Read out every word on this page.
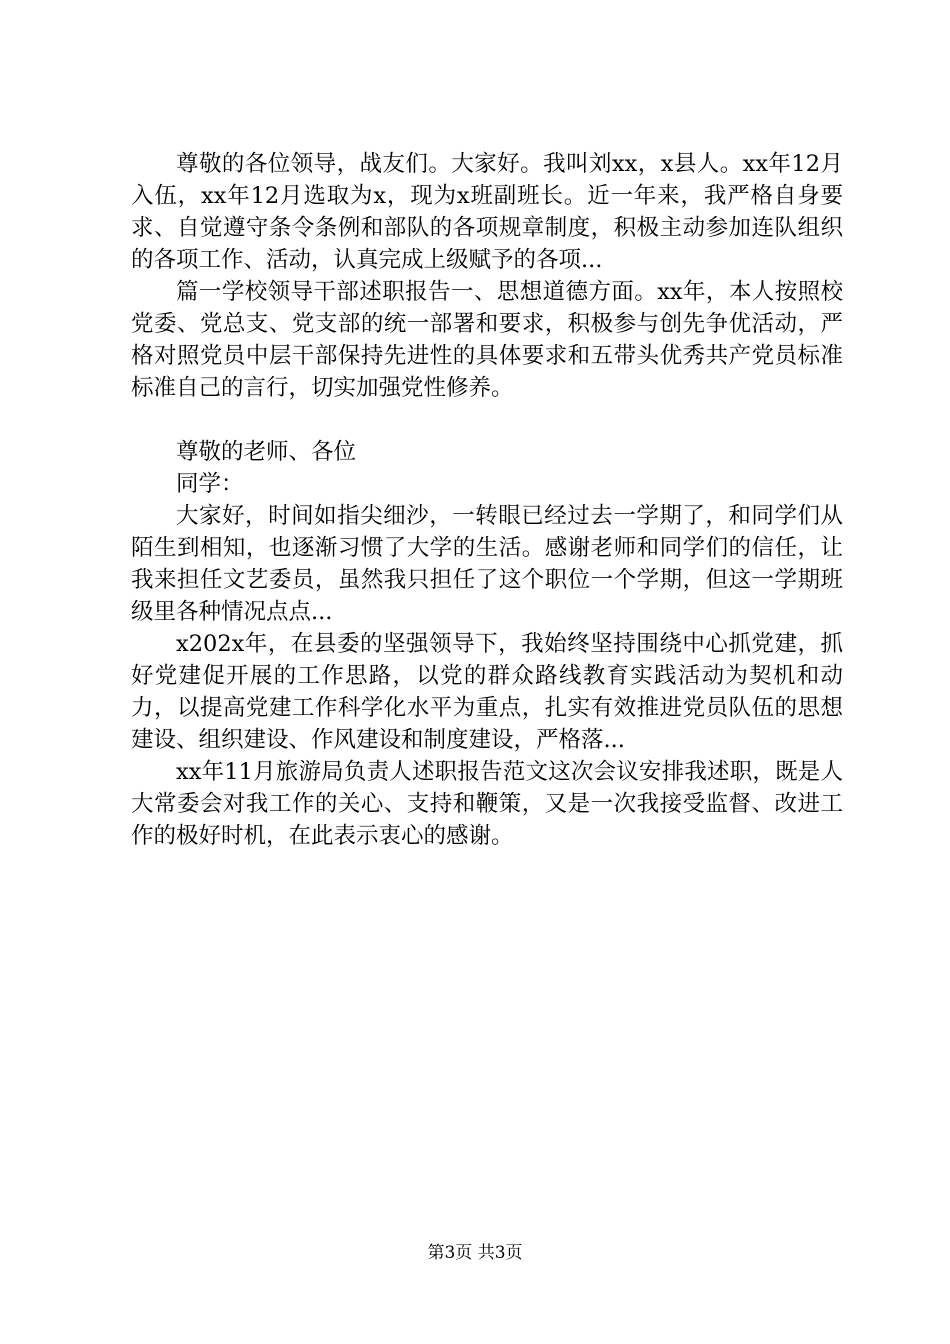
尊敬的各位领导，战友们。大家好。我叫刘xx，x县人。xx年12月入伍，xx年12月选取为x，现为x班副班长。近一年来，我严格自身要求、自觉遵守条令条例和部队的各项规章制度，积极主动参加连队组织的各项工作、活动，认真完成上级赋予的各项...

篇一学校领导干部述职报告一、思想道德方面。xx年，本人按照校党委、党总支、党支部的统一部署和要求，积极参与创先争优活动，严格对照党员中层干部保持先进性的具体要求和五带头优秀共产党员标准标准自己的言行，切实加强党性修养。

尊敬的老师、各位

同学：

大家好，时间如指尖细沙，一转眼已经过去一学期了，和同学们从陌生到相知，也逐渐习惯了大学的生活。感谢老师和同学们的信任，让我来担任文艺委员，虽然我只担任了这个职位一个学期，但这一学期班级里各种情况点点...

x202x年，在县委的坚强领导下，我始终坚持围绕中心抓党建，抓好党建促开展的工作思路，以党的群众路线教育实践活动为契机和动力，以提高党建工作科学化水平为重点，扎实有效推进党员队伍的思想建设、组织建设、作风建设和制度建设，严格落...

xx年11月旅游局负责人述职报告范文这次会议安排我述职，既是人大常委会对我工作的关心、支持和鞭策，又是一次我接受监督、改进工作的极好时机，在此表示衷心的感谢。

第3页 共3页
